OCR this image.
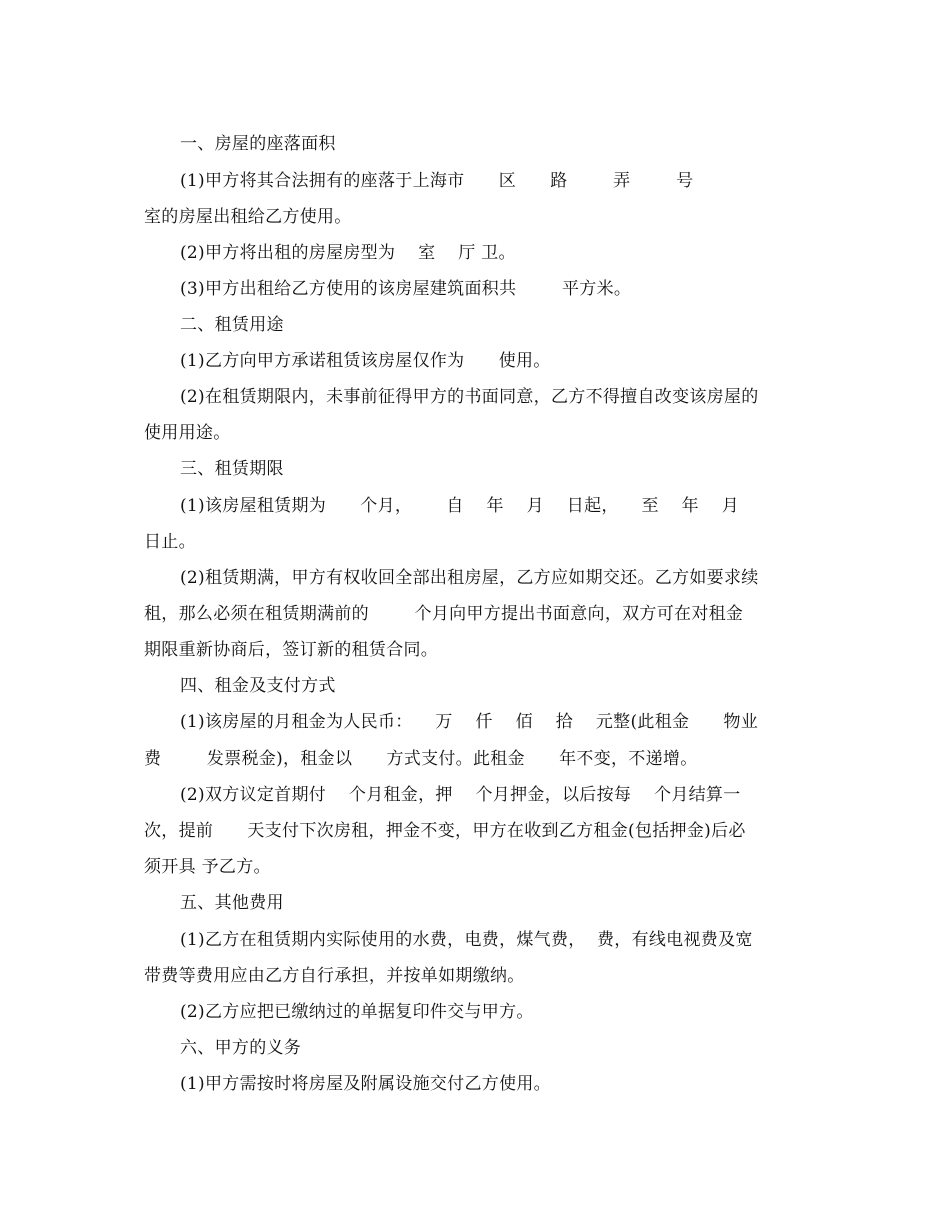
一、房屋的座落面积
(1)甲方将其合法拥有的座落于上海市      区      路        弄        号
室的房屋出租给乙方使用。
(2)甲方将出租的房屋房型为    室    厅 卫。
(3)甲方出租给乙方使用的该房屋建筑面积共        平方米。
二、租赁用途
(1)乙方向甲方承诺租赁该房屋仅作为      使用。
(2)在租赁期限内，未事前征得甲方的书面同意，乙方不得擅自改变该房屋的
使用用途。
三、租赁期限
(1)该房屋租赁期为      个月，      自    年    月    日起，    至    年    月
日止。
(2)租赁期满，甲方有权收回全部出租房屋，乙方应如期交还。乙方如要求续
租，那么必须在租赁期满前的        个月向甲方提出书面意向，双方可在对租金
期限重新协商后，签订新的租赁合同。
四、租金及支付方式
(1)该房屋的月租金为人民币：    万    仟    佰    拾    元整(此租金      物业
费        发票税金)，租金以      方式支付。此租金      年不变，不递增。
(2)双方议定首期付    个月租金，押    个月押金，以后按每    个月结算一
次，提前      天支付下次房租，押金不变，甲方在收到乙方租金(包括押金)后必
须开具 予乙方。
五、其他费用
(1)乙方在租赁期内实际使用的水费，电费，煤气费，  费，有线电视费及宽
带费等费用应由乙方自行承担，并按单如期缴纳。
(2)乙方应把已缴纳过的单据复印件交与甲方。
六、甲方的义务
(1)甲方需按时将房屋及附属设施交付乙方使用。
